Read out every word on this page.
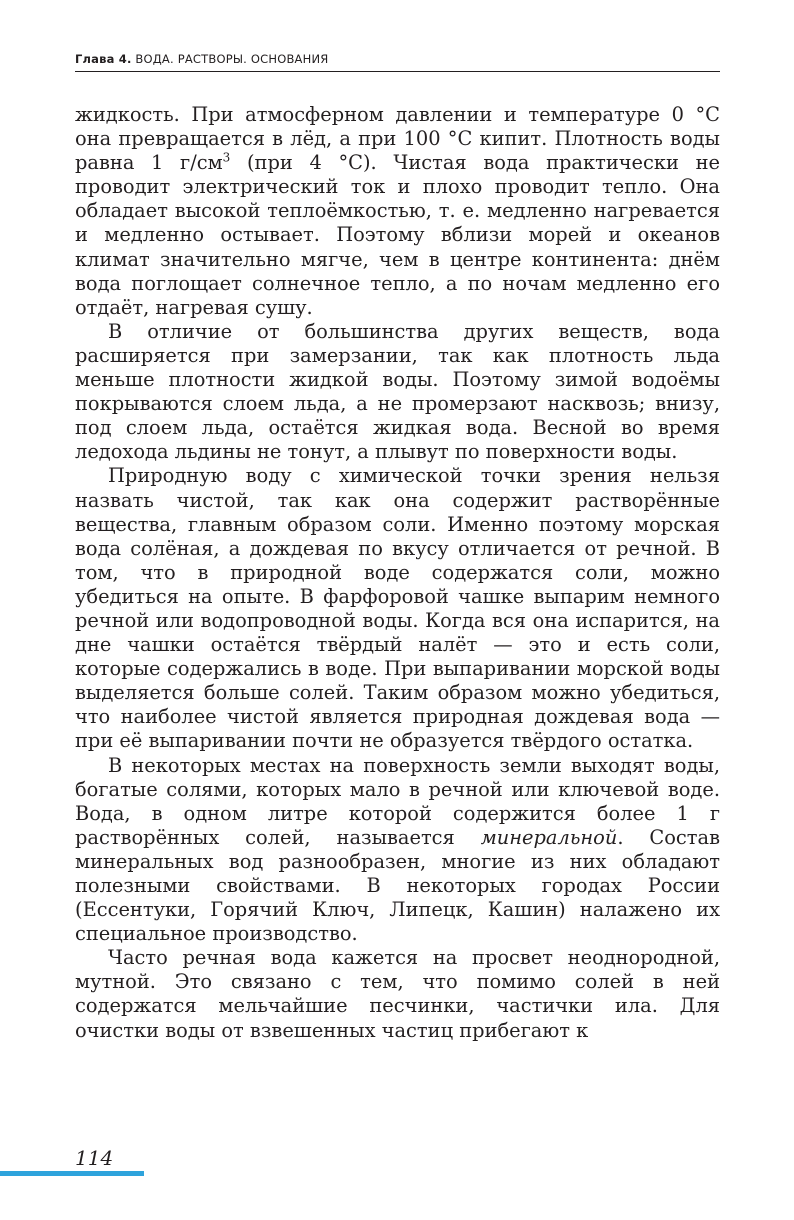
Глава 4. ВОДА. РАСТВОРЫ. ОСНОВАНИЯ

жидкость. При атмосферном давлении и температуре 0 °С она превращается в лёд, а при 100 °С кипит. Плотность воды равна 1 $г/см^3$ (при 4 °С). Чистая вода практически не проводит электрический ток и плохо проводит тепло. Она обладает высокой теплоёмкостью, т. е. медленно нагревается и медленно остывает. Поэтому вблизи морей и океанов климат значительно мягче, чем в центре континента: днём вода поглощает солнечное тепло, а по ночам медленно его отдаёт, нагревая сушу.

В отличие от большинства других веществ, вода расширяется при замерзании, так как плотность льда меньше плотности жидкой воды. Поэтому зимой водоёмы покрываются слоем льда, а не промерзают насквозь; внизу, под слоем льда, остаётся жидкая вода. Весной во время ледохода льдины не тонут, а плывут по поверхности воды.

Природную воду с химической точки зрения нельзя назвать чистой, так как она содержит растворённые вещества, главным образом соли. Именно поэтому морская вода солёная, а дождевая по вкусу отличается от речной. В том, что в природной воде содержатся соли, можно убедиться на опыте. В фарфоровой чашке выпарим немного речной или водопроводной воды. Когда вся она испарится, на дне чашки остаётся твёрдый налёт — это и есть соли, которые содержались в воде. При выпаривании морской воды выделяется больше солей. Таким образом можно убедиться, что наиболее чистой является природная дождевая вода — при её выпаривании почти не образуется твёрдого остатка.

В некоторых местах на поверхность земли выходят воды, богатые солями, которых мало в речной или ключевой воде. Вода, в одном литре которой содержится более 1 г растворённых солей, называется минеральной. Состав минеральных вод разнообразен, многие из них обладают полезными свойствами. В некоторых городах России (Ессентуки, Горячий Ключ, Липецк, Кашин) налажено их специальное производство.

Часто речная вода кажется на просвет неоднородной, мутной. Это связано с тем, что помимо солей в ней содержатся мельчайшие песчинки, частички ила. Для очистки воды от взвешенных частиц прибегают к

114
